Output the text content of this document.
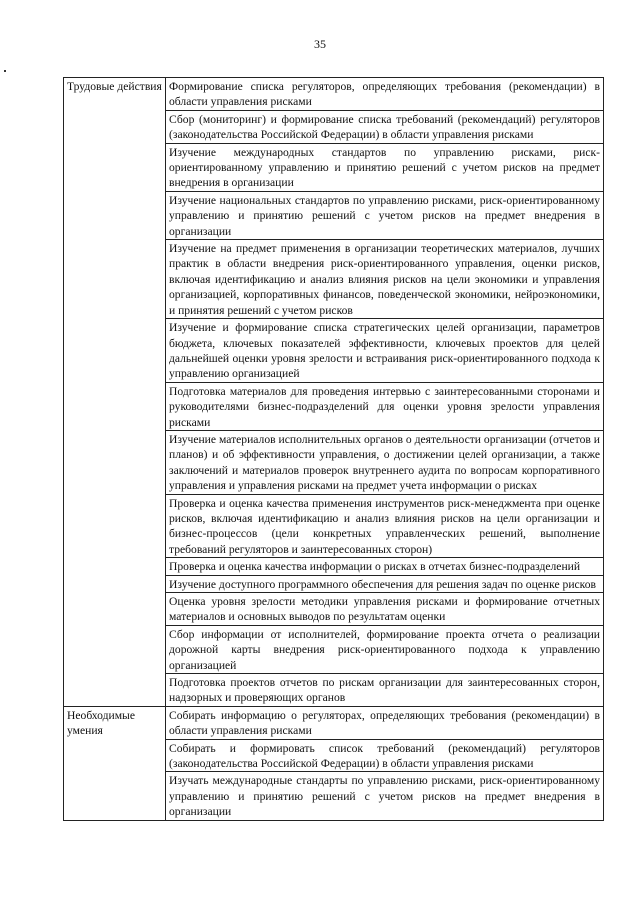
35
Трудовые действия	Формирование списка регуляторов, определяющих требования (рекомендации) в области управления рисками
	Сбор (мониторинг) и формирование списка требований (рекомендаций) регуляторов (законодательства Российской Федерации) в области управления рисками
	Изучение международных стандартов по управлению рисками, риск-ориентированному управлению и принятию решений с учетом рисков на предмет внедрения в организации
	Изучение национальных стандартов по управлению рисками, риск-ориентированному управлению и принятию решений с учетом рисков на предмет внедрения в организации
	Изучение на предмет применения в организации теоретических материалов, лучших практик в области внедрения риск-ориентированного управления, оценки рисков, включая идентификацию и анализ влияния рисков на цели экономики и управления организацией, корпоративных финансов, поведенческой экономики, нейроэкономики, и принятия решений с учетом рисков
	Изучение и формирование списка стратегических целей организации, параметров бюджета, ключевых показателей эффективности, ключевых проектов для целей дальнейшей оценки уровня зрелости и встраивания риск-ориентированного подхода к управлению организацией
	Подготовка материалов для проведения интервью с заинтересованными сторонами и руководителями бизнес-подразделений для оценки уровня зрелости управления рисками
	Изучение материалов исполнительных органов о деятельности организации (отчетов и планов) и об эффективности управления, о достижении целей организации, а также заключений и материалов проверок внутреннего аудита по вопросам корпоративного управления и управления рисками на предмет учета информации о рисках
	Проверка и оценка качества применения инструментов риск-менеджмента при оценке рисков, включая идентификацию и анализ влияния рисков на цели организации и бизнес-процессов (цели конкретных управленческих решений, выполнение требований регуляторов и заинтересованных сторон)
	Проверка и оценка качества информации о рисках в отчетах бизнес-подразделений
	Изучение доступного программного обеспечения для решения задач по оценке рисков
	Оценка уровня зрелости методики управления рисками и формирование отчетных материалов и основных выводов по результатам оценки
	Сбор информации от исполнителей, формирование проекта отчета о реализации дорожной карты внедрения риск-ориентированного подхода к управлению организацией
	Подготовка проектов отчетов по рискам организации для заинтересованных сторон, надзорных и проверяющих органов
Необходимые умения	Собирать информацию о регуляторах, определяющих требования (рекомендации) в области управления рисками
	Собирать и формировать список требований (рекомендаций) регуляторов (законодательства Российской Федерации) в области управления рисками
	Изучать международные стандарты по управлению рисками, риск-ориентированному управлению и принятию решений с учетом рисков на предмет внедрения в организации
